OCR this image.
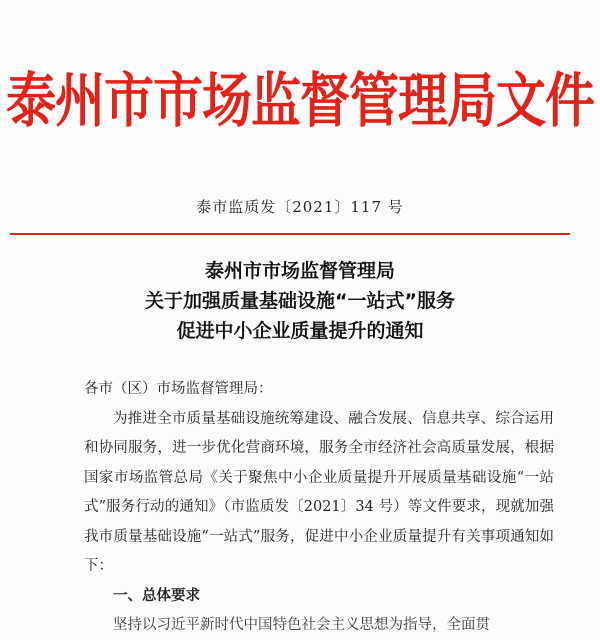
泰州市市场监督管理局文件
泰市监质发〔2021〕117 号
泰州市市场监督管理局
关于加强质量基础设施“一站式”服务
促进中小企业质量提升的通知

各市（区）市场监督管理局：

为推进全市质量基础设施统筹建设、融合发展、信息共享、综合运用和协同服务，进一步优化营商环境，服务全市经济社会高质量发展，根据国家市场监管总局《关于聚焦中小企业质量提升开展质量基础设施“一站式”服务行动的通知》（市监质发〔2021〕34 号）等文件要求，现就加强我市质量基础设施“一站式”服务，促进中小企业质量提升有关事项通知如下：

一、总体要求

坚持以习近平新时代中国特色社会主义思想为指导，全面贯
